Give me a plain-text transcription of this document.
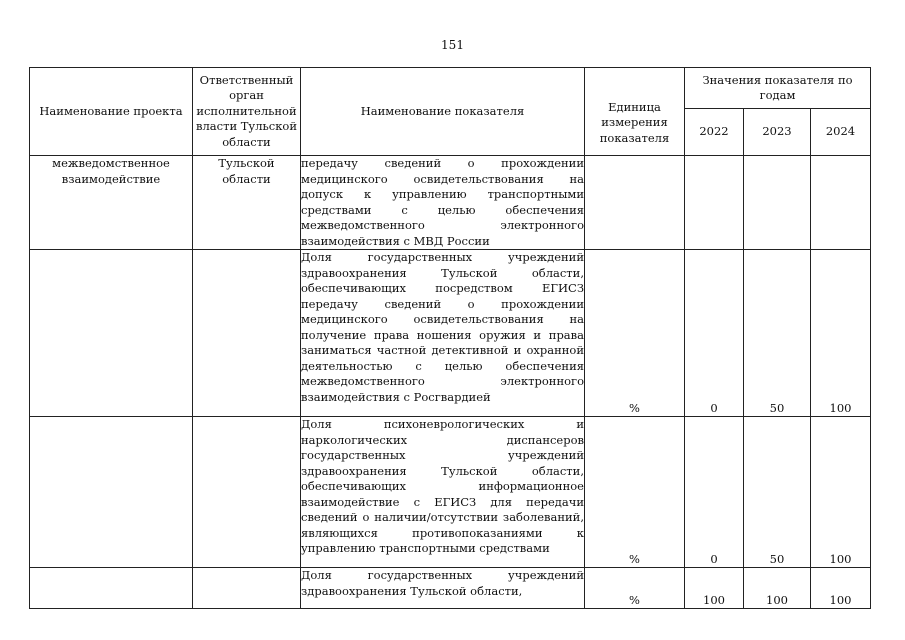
151
Наименование проекта	Ответственный орган исполнительной власти Тульской области	Наименование показателя	Единица измерения показателя	Значения показателя по годам		
				2022	2023	2024
межведомственное взаимодействие	Тульской области	передачу сведений о прохождении медицинского освидетельствования на допуск к управлению транспортными средствами с целью обеспечения межведомственного электронного взаимодействия с МВД России				
		Доля государственных учреждений здравоохранения Тульской области, обеспечивающих посредством ЕГИСЗ передачу сведений о прохождении медицинского освидетельствования на получение права ношения оружия и права заниматься частной детективной и охранной деятельностью с целью обеспечения межведомственного электронного взаимодействия с Росгвардией	%	0	50	100
		Доля психоневрологических и наркологических диспансеров государственных учреждений здравоохранения Тульской области, обеспечивающих информационное взаимодействие с ЕГИСЗ для передачи сведений о наличии/отсутствии заболеваний, являющихся противопоказаниями к управлению транспортными средствами	%	0	50	100
		Доля государственных учреждений здравоохранения Тульской области,	%	100	100	100
